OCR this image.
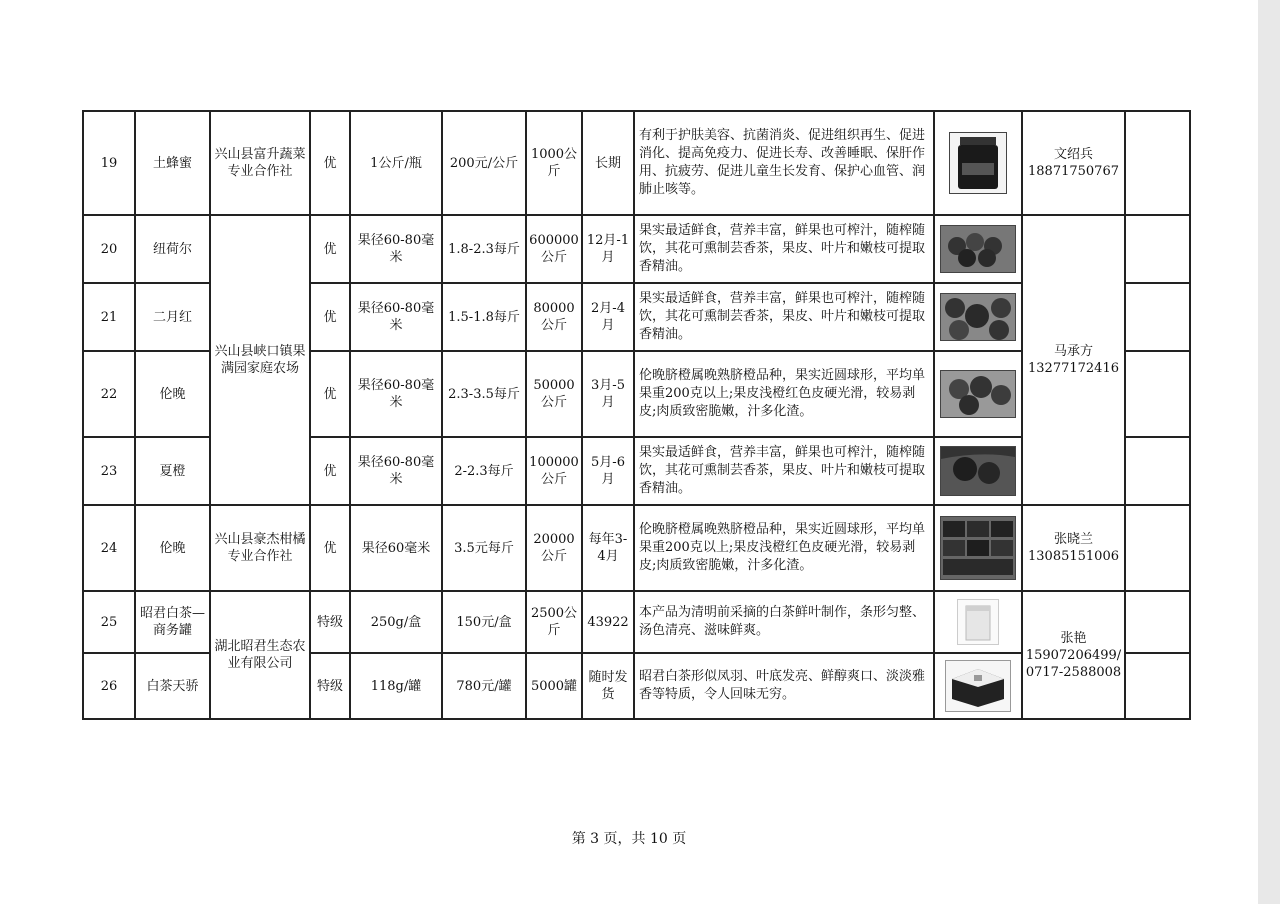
19	土蜂蜜	兴山县富升蔬菜专业合作社	优	1公斤/瓶	200元/公斤	1000公斤	长期	有利于护肤美容、抗菌消炎、促进组织再生、促进消化、提高免疫力、促进长寿、改善睡眠、保肝作用、抗疲劳、促进儿童生长发育、保护心血管、润肺止咳等。		文绍兵
18871750767	

20	纽荷尔	兴山县峡口镇果满园家庭农场	优	果径60-80毫米	1.8-2.3每斤	600000公斤	12月-1月	果实最适鲜食，营养丰富，鲜果也可榨汁，随榨随饮，其花可熏制芸香茶，果皮、叶片和嫩枝可提取香精油。		马承方
13277172416	

21	二月红		优	果径60-80毫米	1.5-1.8每斤	80000公斤	2月-4月	果实最适鲜食，营养丰富，鲜果也可榨汁，随榨随饮，其花可熏制芸香茶，果皮、叶片和嫩枝可提取香精油。	

22	伦晚		优	果径60-80毫米	2.3-3.5每斤	50000公斤	3月-5月	伦晚脐橙属晚熟脐橙品种，果实近圆球形，平均单果重200克以上;果皮浅橙红色皮硬光滑，较易剥皮;肉质致密脆嫩，汁多化渣。	

23	夏橙		优	果径60-80毫米	2-2.3每斤	100000公斤	5月-6月	果实最适鲜食，营养丰富，鲜果也可榨汁，随榨随饮，其花可熏制芸香茶，果皮、叶片和嫩枝可提取香精油。	

24	伦晚	兴山县豪杰柑橘专业合作社	优	果径60毫米	3.5元每斤	20000公斤	每年3-4月	伦晚脐橙属晚熟脐橙品种，果实近圆球形，平均单果重200克以上;果皮浅橙红色皮硬光滑，较易剥皮;肉质致密脆嫩，汁多化渣。		张晓兰
13085151006	

25	昭君白茶—商务罐	湖北昭君生态农业有限公司	特级	250g/盒	150元/盒	2500公斤	43922	本产品为清明前采摘的白茶鲜叶制作，条形匀整、汤色清亮、滋味鲜爽。		张艳
15907206499/
0717-2588008	

26	白茶天骄		特级	118g/罐	780元/罐	5000罐	随时发货	昭君白茶形似凤羽、叶底发亮、鲜醇爽口、淡淡雅香等特质，令人回味无穷。	

第 3 页，共 10 页
